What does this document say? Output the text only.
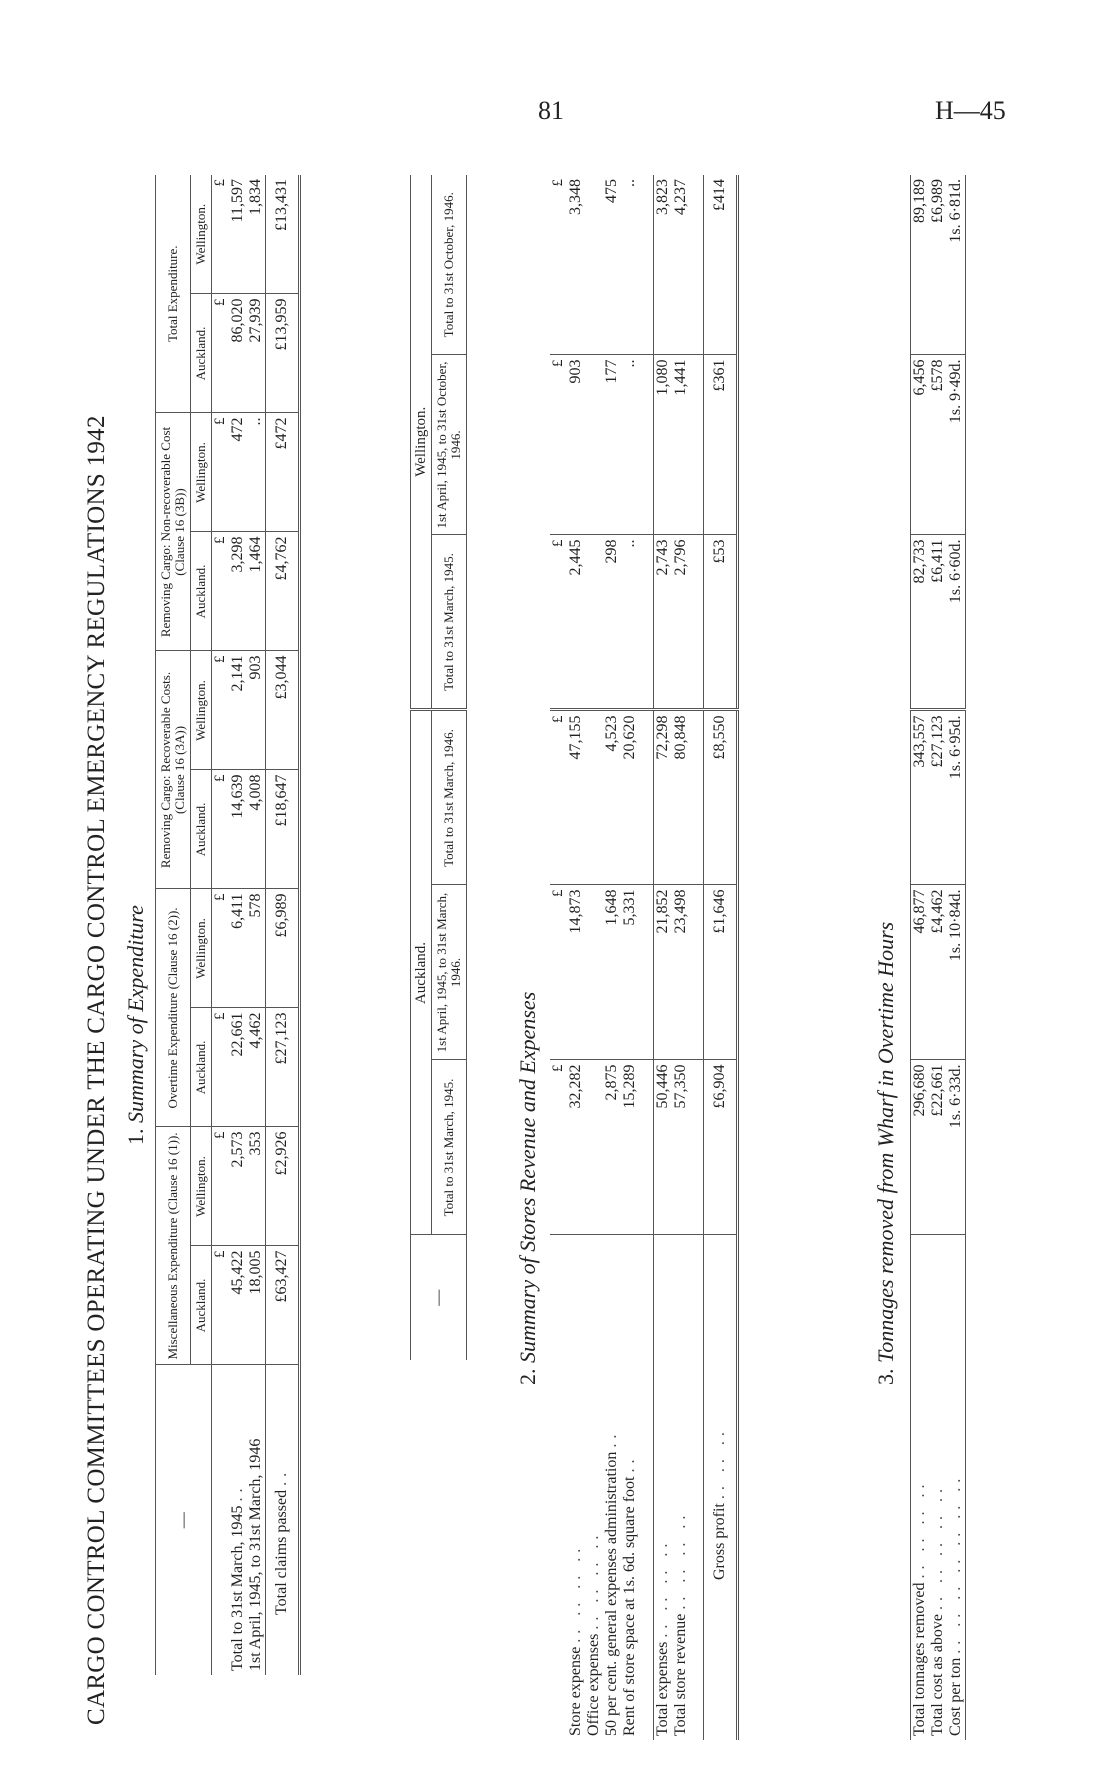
81	H—45
CARGO CONTROL COMMITTEES OPERATING UNDER THE CARGO CONTROL EMERGENCY REGULATIONS 1942 1. Summary of Expenditure
—	Miscellaneous Expenditure (Clause 16 (1)).		Overtime Expenditure (Clause 16 (2)).		Removing Cargo: Recoverable Costs. (Clause 16 (3A))		Removing Cargo: Non-recoverable Cost (Clause 16 (3B))		Total Expenditure.	
	Auckland.	Wellington.	Auckland.	Wellington.	Auckland.	Wellington.	Auckland.	Wellington.	Auckland.	Wellington.
	£	£	£	£	£	£	£	£	£	£
Total to 31st March, 1945 ..	45,422	2,573	22,661	6,411	14,639	2,141	3,298	472	86,020	11,597
1st April, 1945, to 31st March, 1946	18,005	353	4,462	578	4,008	903	1,464	..	27,939	1,834
Total claims passed ..	£63,427	£2,926	£27,123	£6,989	£18,647	£3,044	£4,762	£472	£13,959	£13,431
—	Auckland.			Wellington.		
	Total to 31st March, 1945.	1st April, 1945, to 31st March, 1946.	Total to 31st March, 1946.	Total to 31st March, 1945.	1st April, 1945, to 31st October, 1946.	Total to 31st October, 1946.
2. Summary of Stores Revenue and Expenses
	£	£	£	£	£	£
Store expense .. .. .. ..	32,282	14,873	47,155	2,445	903	3,348
Office expenses .. .. .. ..						
50 per cent. general expenses administration ..	2,875	1,648	4,523	298	177	475
Rent of store space at 1s. 6d. square foot ..	15,289	5,331	20,620	..	..	..

Total expenses .. .. .. ..	50,446	21,852	72,298	2,743	1,080	3,823
Total store revenue .. .. .. ..	57,350	23,498	80,848	2,796	1,441	4,237

Gross profit .. .. ..	£6,904	£1,646	£8,550	£53	£361	£414
3. Tonnages removed from Wharf in Overtime Hours
Total tonnages removed .. .. .. ..	296,680	46,877	343,557	82,733	6,456	89,189
Total cost as above .. .. .. .. ..	£22,661	£4,462	£27,123	£6,411	£578	£6,989
Cost per ton .. .. .. .. .. .. ..	1s. 6·33d.	1s. 10·84d.	1s. 6·95d.	1s. 6·60d.	1s. 9·49d.	1s. 6·81d.
